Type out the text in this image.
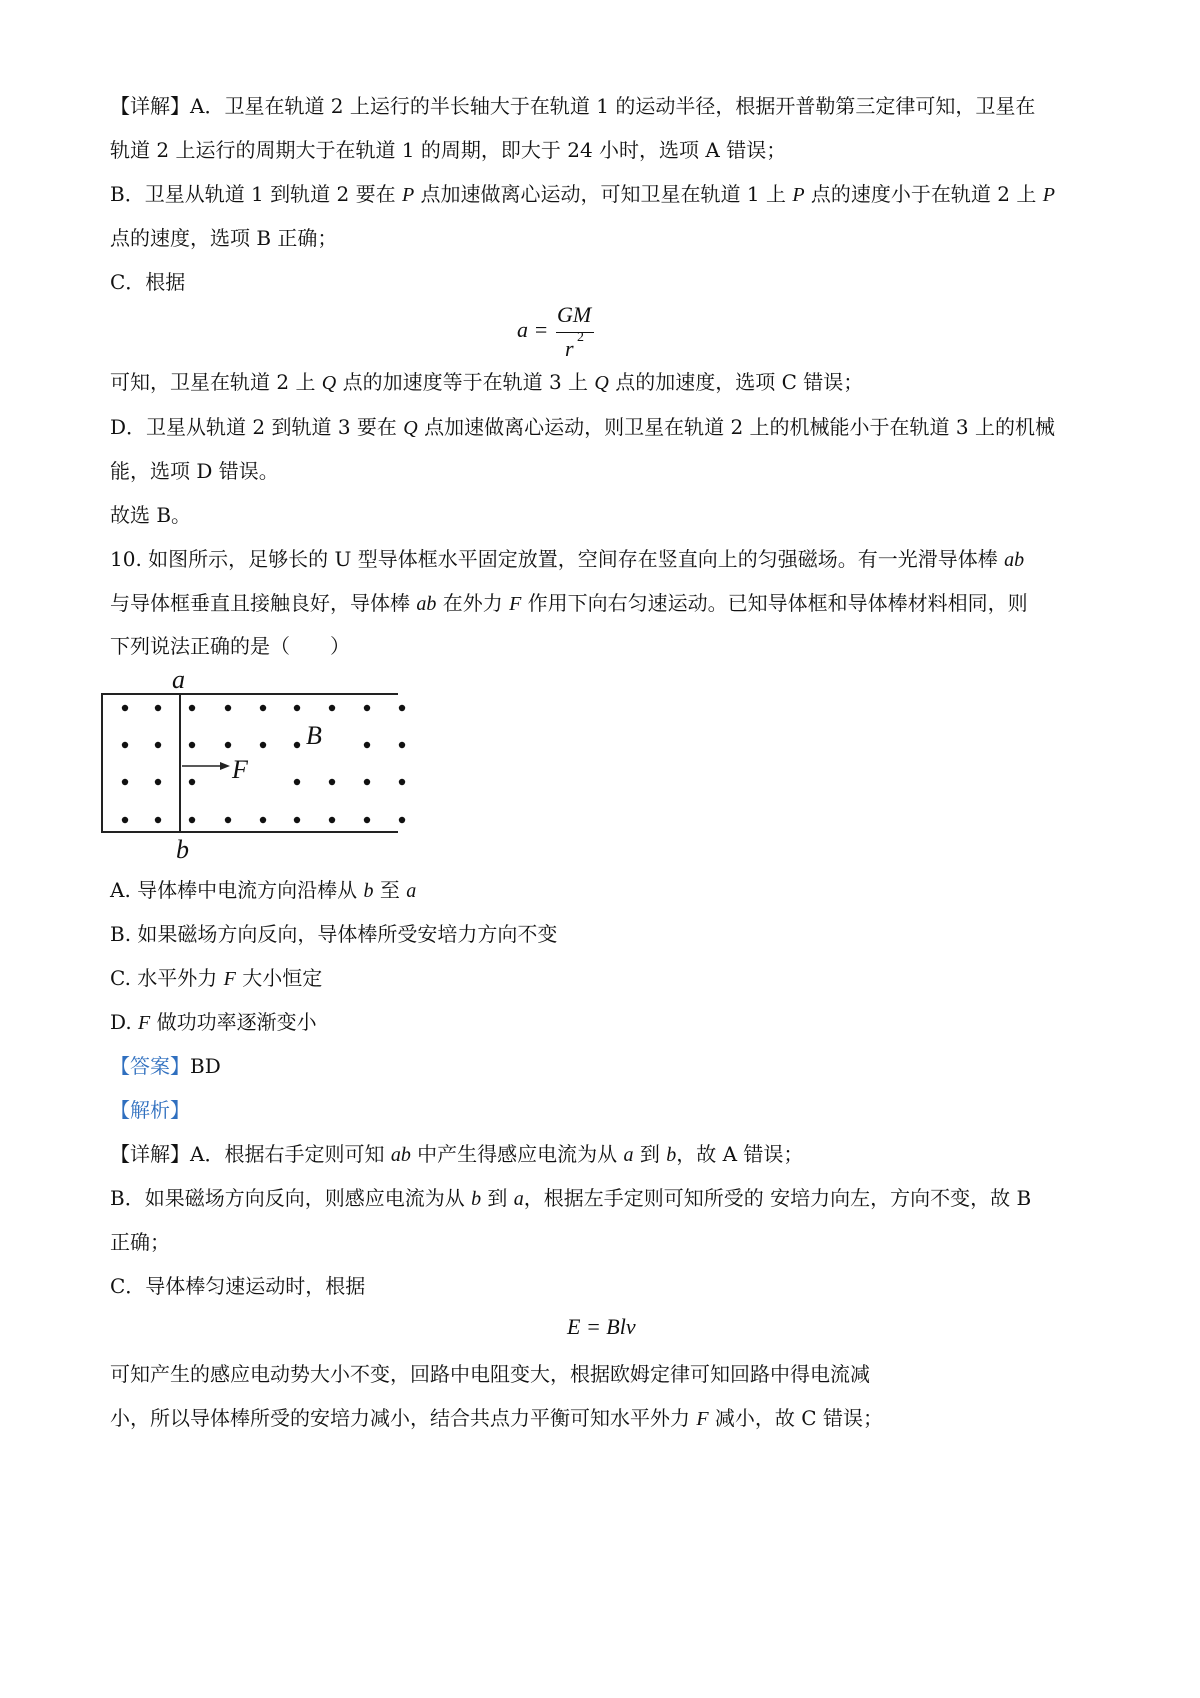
【详解】A．卫星在轨道 2 上运行的半长轴大于在轨道 1 的运动半径，根据开普勒第三定律可知，卫星在
轨道 2 上运行的周期大于在轨道 1 的周期，即大于 24 小时，选项 A 错误；
B．卫星从轨道 1 到轨道 2 要在 P 点加速做离心运动，可知卫星在轨道 1 上 P 点的速度小于在轨道 2 上 P
点的速度，选项 B 正确；
C．根据
a =
GM
r 2
可知，卫星在轨道 2 上 Q 点的加速度等于在轨道 3 上 Q 点的加速度，选项 C 错误；
D．卫星从轨道 2 到轨道 3 要在 Q 点加速做离心运动，则卫星在轨道 2 上的机械能小于在轨道 3 上的机械
能，选项 D 错误。
故选 B。
10. 如图所示，足够长的 U 型导体框水平固定放置，空间存在竖直向上的匀强磁场。有一光滑导体棒 ab
与导体框垂直且接触良好，导体棒 ab 在外力 F 作用下向右匀速运动。已知导体框和导体棒材料相同，则
下列说法正确的是（　　）
a
b
B
F
A. 导体棒中电流方向沿棒从 b 至 a
B. 如果磁场方向反向，导体棒所受安培力方向不变
C. 水平外力 F 大小恒定
D. F 做功功率逐渐变小
【答案】BD
【解析】
【详解】A．根据右手定则可知 ab 中产生得感应电流为从 a 到 b，故 A 错误；
B．如果磁场方向反向，则感应电流为从 b 到 a，根据左手定则可知所受的 安培力向左，方向不变，故 B
正确；
C．导体棒匀速运动时，根据
E = Blv
可知产生的感应电动势大小不变，回路中电阻变大，根据欧姆定律可知回路中得电流减
小，所以导体棒所受的安培力减小，结合共点力平衡可知水平外力 F 减小，故 C 错误；
